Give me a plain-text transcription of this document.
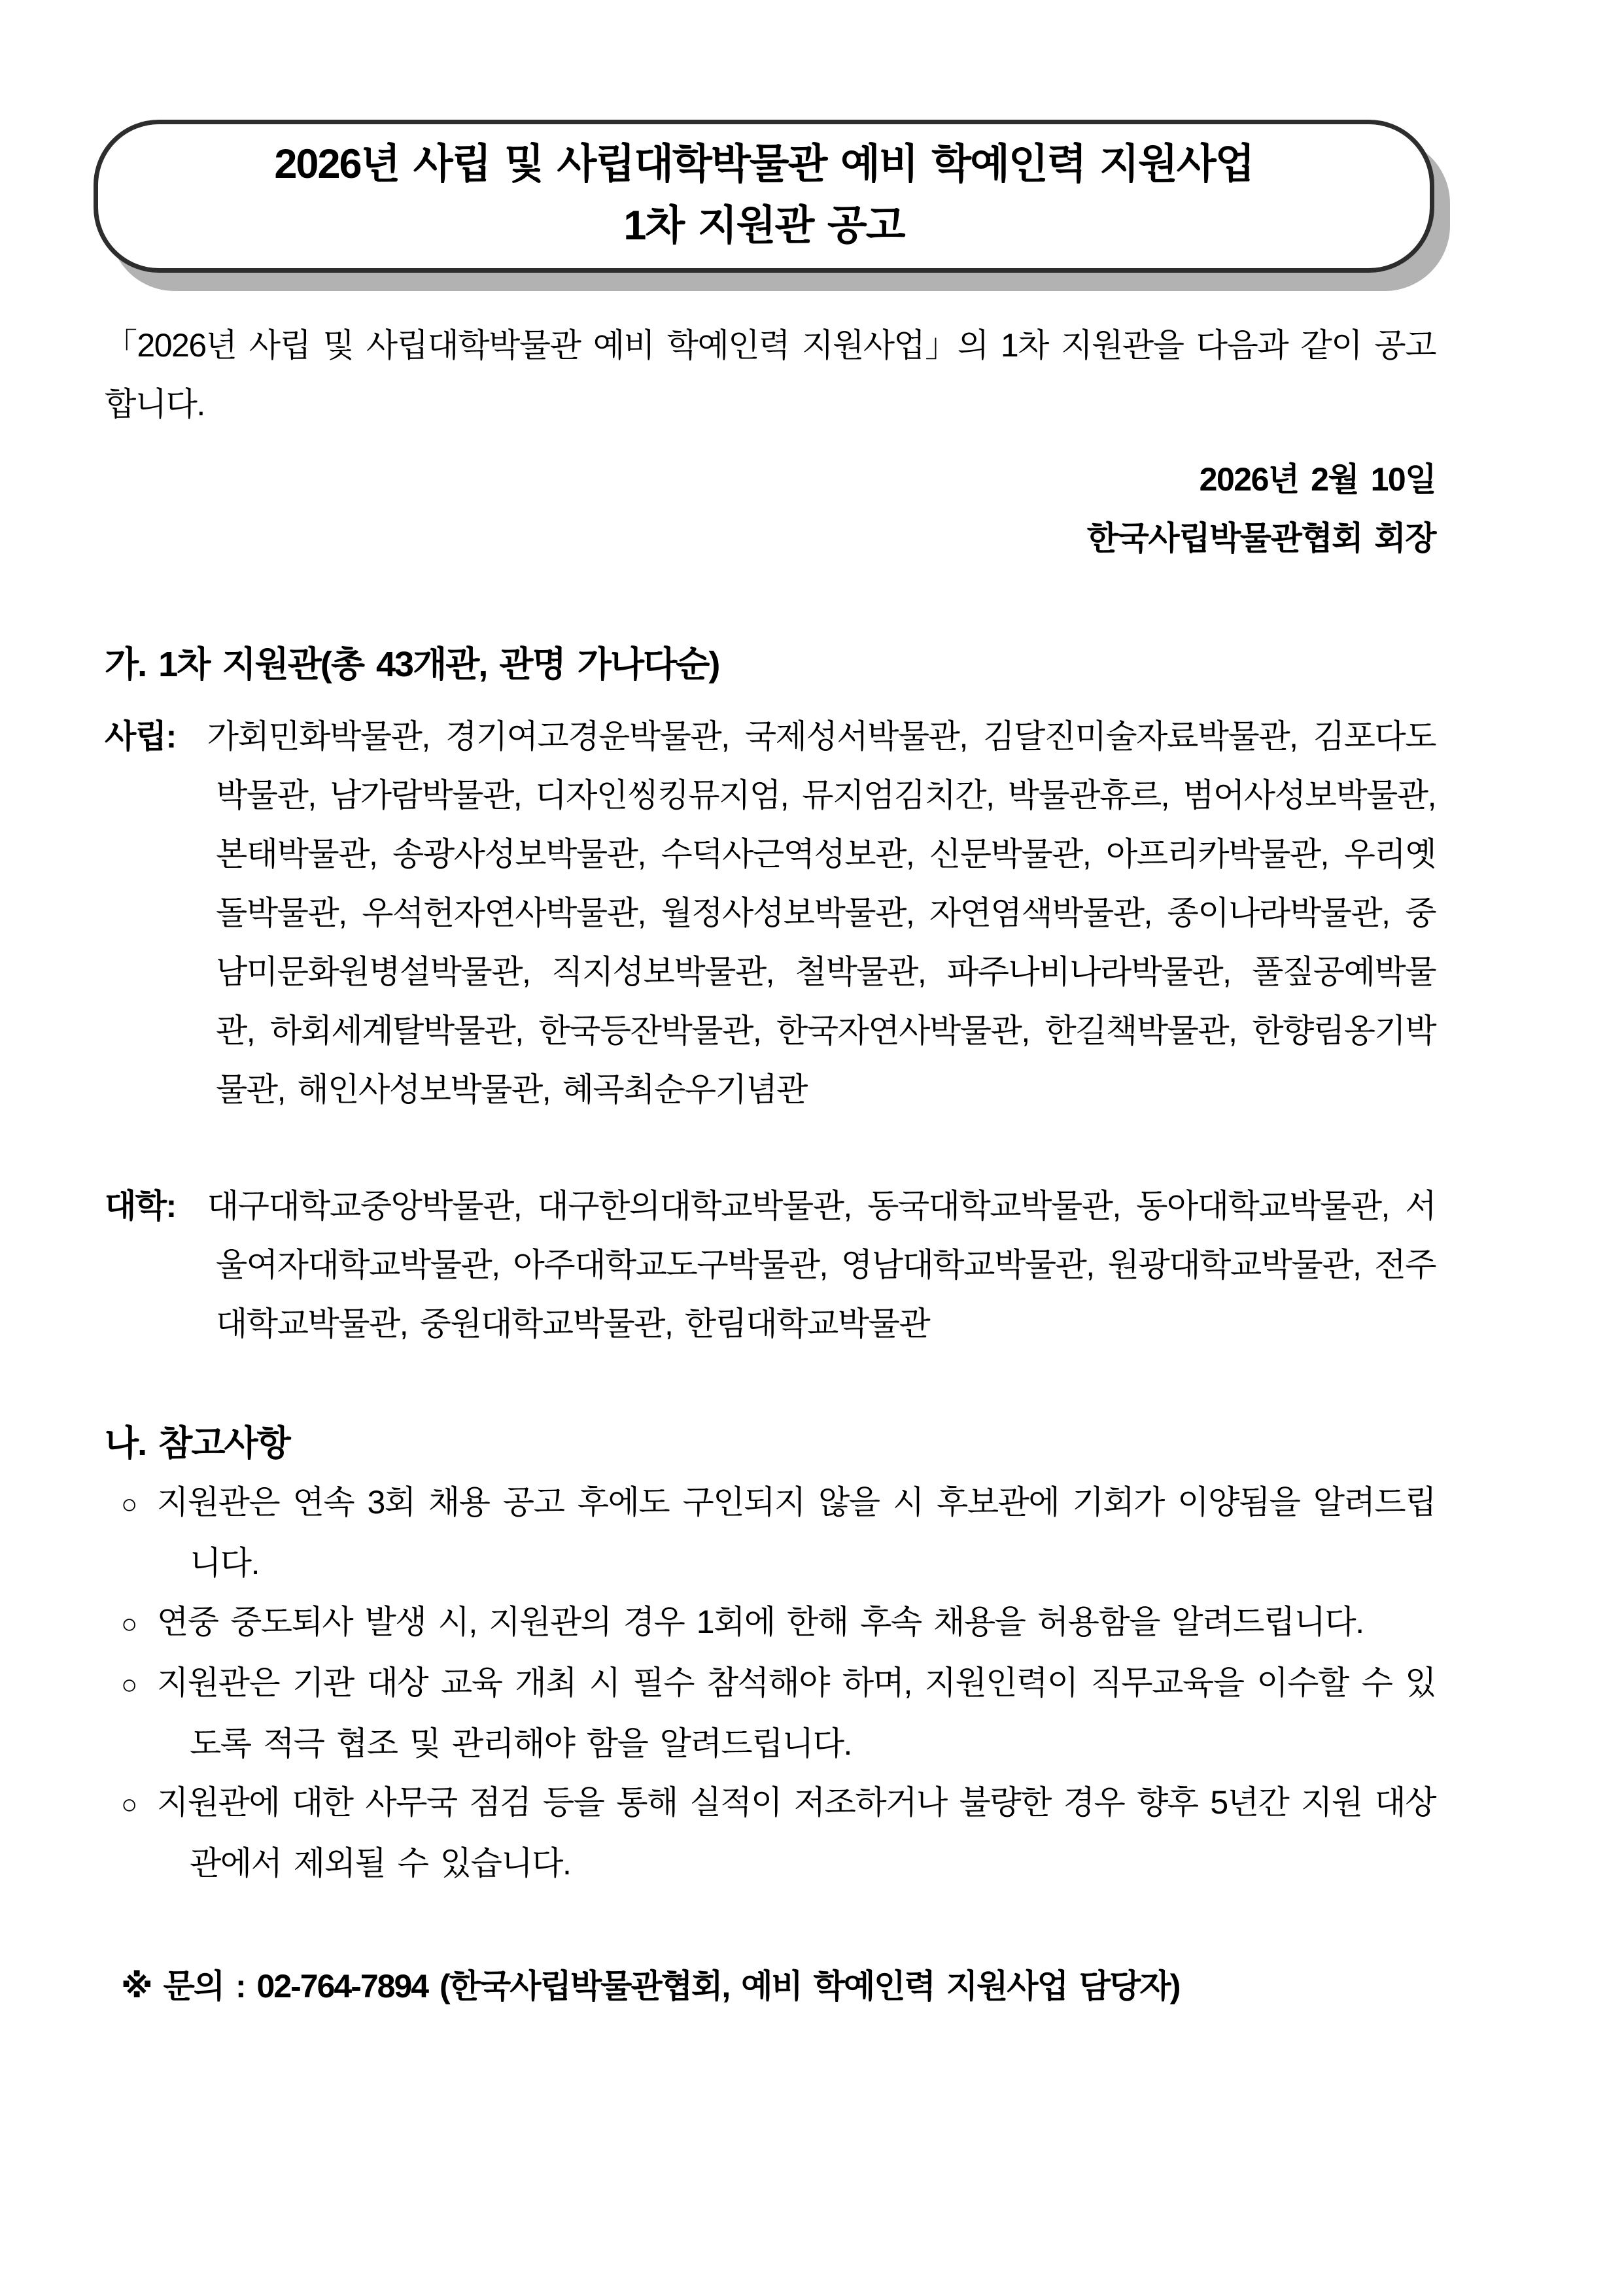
2026년 사립 및 사립대학박물관 예비 학예인력 지원사업
1차 지원관 공고

「2026년 사립 및 사립대학박물관 예비 학예인력 지원사업」의 1차 지원관을 다음과 같이 공고합니다.

2026년 2월 10일
한국사립박물관협회 회장
가. 1차 지원관(총 43개관, 관명 가나다순)

사립: 가회민화박물관, 경기여고경운박물관, 국제성서박물관, 김달진미술자료박물관, 김포다도박물관, 남가람박물관, 디자인씽킹뮤지엄, 뮤지엄김치간, 박물관휴르, 범어사성보박물관, 본태박물관, 송광사성보박물관, 수덕사근역성보관, 신문박물관, 아프리카박물관, 우리옛돌박물관, 우석헌자연사박물관, 월정사성보박물관, 자연염색박물관, 종이나라박물관, 중남미문화원병설박물관, 직지성보박물관, 철박물관, 파주나비나라박물관, 풀짚공예박물관, 하회세계탈박물관, 한국등잔박물관, 한국자연사박물관, 한길책박물관, 한향림옹기박물관, 해인사성보박물관, 혜곡최순우기념관

대학: 대구대학교중앙박물관, 대구한의대학교박물관, 동국대학교박물관, 동아대학교박물관, 서울여자대학교박물관, 아주대학교도구박물관, 영남대학교박물관, 원광대학교박물관, 전주대학교박물관, 중원대학교박물관, 한림대학교박물관

나. 참고사항
○ 지원관은 연속 3회 채용 공고 후에도 구인되지 않을 시 후보관에 기회가 이양됨을 알려드립니다.
○ 연중 중도퇴사 발생 시, 지원관의 경우 1회에 한해 후속 채용을 허용함을 알려드립니다.
○ 지원관은 기관 대상 교육 개최 시 필수 참석해야 하며, 지원인력이 직무교육을 이수할 수 있도록 적극 협조 및 관리해야 함을 알려드립니다.
○ 지원관에 대한 사무국 점검 등을 통해 실적이 저조하거나 불량한 경우 향후 5년간 지원 대상관에서 제외될 수 있습니다.

※ 문의 : 02-764-7894 (한국사립박물관협회, 예비 학예인력 지원사업 담당자)
